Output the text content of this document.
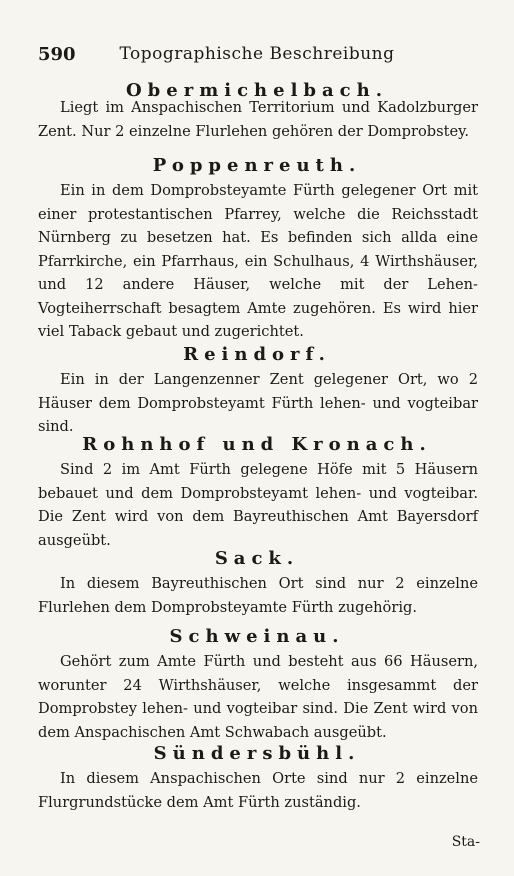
590	Topographische Beschreibung
Obermichelbach.

Liegt im Anspachischen Territorium und Kadolzburger Zent. Nur 2 einzelne Flurlehen gehören der Domprobstey.

Poppenreuth.

Ein in dem Domprobsteyamte Fürth gelegener Ort mit einer protestantischen Pfarrey, welche die Reichsstadt Nürnberg zu besetzen hat. Es befinden sich allda eine Pfarrkirche, ein Pfarrhaus, ein Schulhaus, 4 Wirthshäuser, und 12 andere Häuser, welche mit der Lehen- Vogteiherrschaft besagtem Amte zugehören. Es wird hier viel Taback gebaut und zugerichtet.

Reindorf.

Ein in der Langenzenner Zent gelegener Ort, wo 2 Häuser dem Domprobsteyamt Fürth lehen- und vogteibar sind.

Rohnhof und Kronach.

Sind 2 im Amt Fürth gelegene Höfe mit 5 Häusern bebauet und dem Domprobsteyamt lehen- und vogteibar. Die Zent wird von dem Bayreuthischen Amt Bayersdorf ausgeübt.

Sack.

In diesem Bayreuthischen Ort sind nur 2 einzelne Flurlehen dem Domprobsteyamte Fürth zugehörig.

Schweinau.

Gehört zum Amte Fürth und besteht aus 66 Häusern, worunter 24 Wirthshäuser, welche insgesammt der Domprobstey lehen- und vogteibar sind. Die Zent wird von dem Anspachischen Amt Schwabach ausgeübt.

Sündersbühl.

In diesem Anspachischen Orte sind nur 2 einzelne Flurgrundstücke dem Amt Fürth zuständig.

Sta-
